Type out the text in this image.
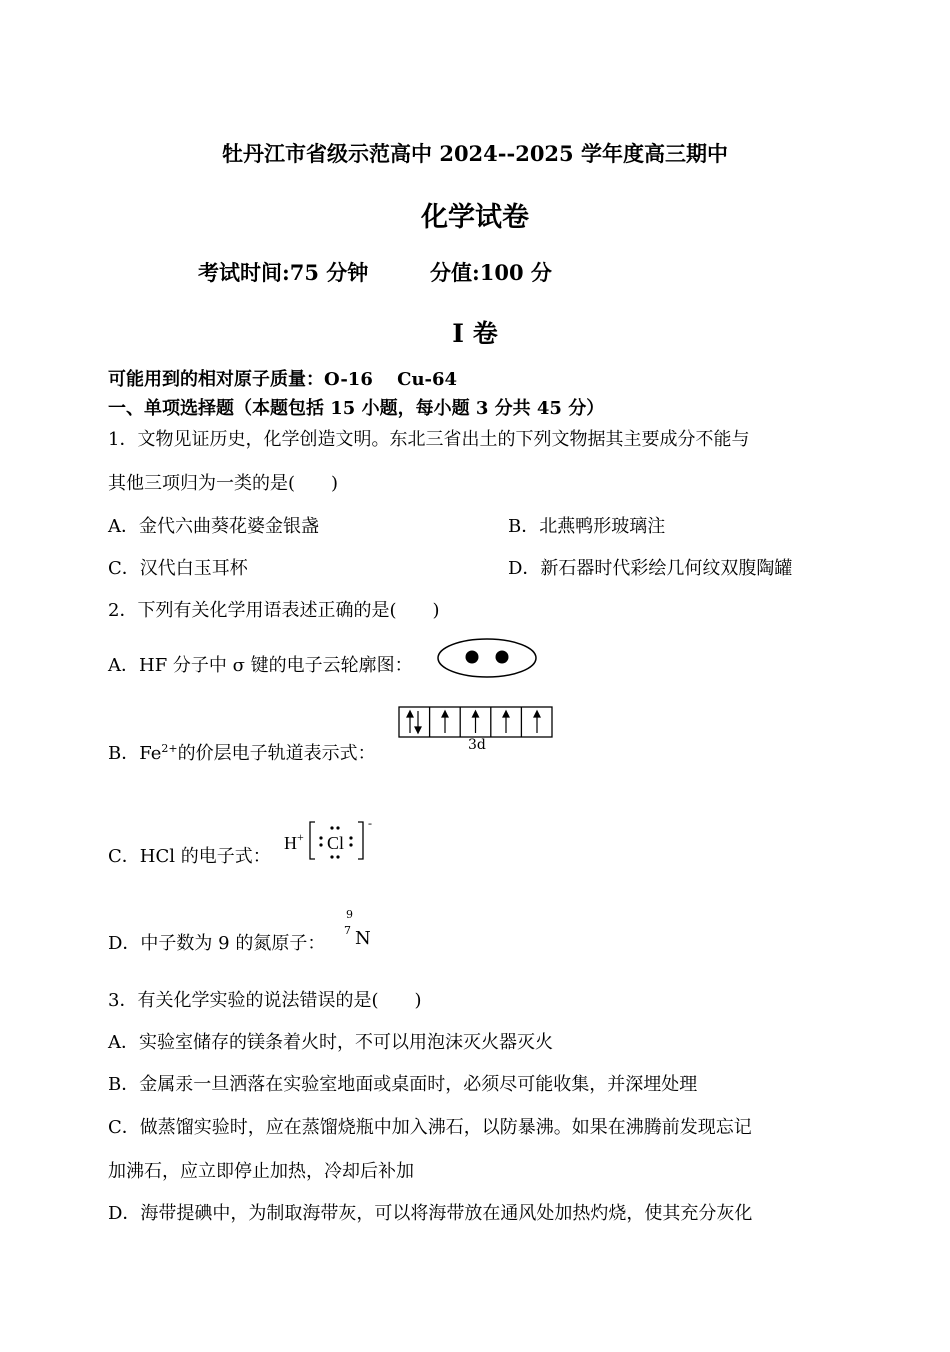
牡丹江市省级示范高中 2024--2025 学年度高三期中
化学试卷
考试时间:75 分钟	分值:100 分
I 卷
可能用到的相对原子质量：O-16　 Cu-64
一、单项选择题（本题包括 15 小题，每小题 3 分共 45 分）
1．文物见证历史，化学创造文明。东北三省出土的下列文物据其主要成分不能与
其他三项归为一类的是(　　)
A．金代六曲葵花婆金银盏	B．北燕鸭形玻璃注
C．汉代白玉耳杯	D．新石器时代彩绘几何纹双腹陶罐
2．下列有关化学用语表述正确的是(　　)
A．HF 分子中 σ 键的电子云轮廓图：
B．$Fe^{2+}$的价层电子轨道表示式：	3d
C．HCl 的电子式：
H + Cl
-
D．中子数为 9 的氮原子：
9
7 N
3．有关化学实验的说法错误的是(　　)
A．实验室储存的镁条着火时，不可以用泡沫灭火器灭火
B．金属汞一旦洒落在实验室地面或桌面时，必须尽可能收集，并深埋处理
C．做蒸馏实验时，应在蒸馏烧瓶中加入沸石，以防暴沸。如果在沸腾前发现忘记
加沸石，应立即停止加热，冷却后补加
D．海带提碘中，为制取海带灰，可以将海带放在通风处加热灼烧，使其充分灰化
